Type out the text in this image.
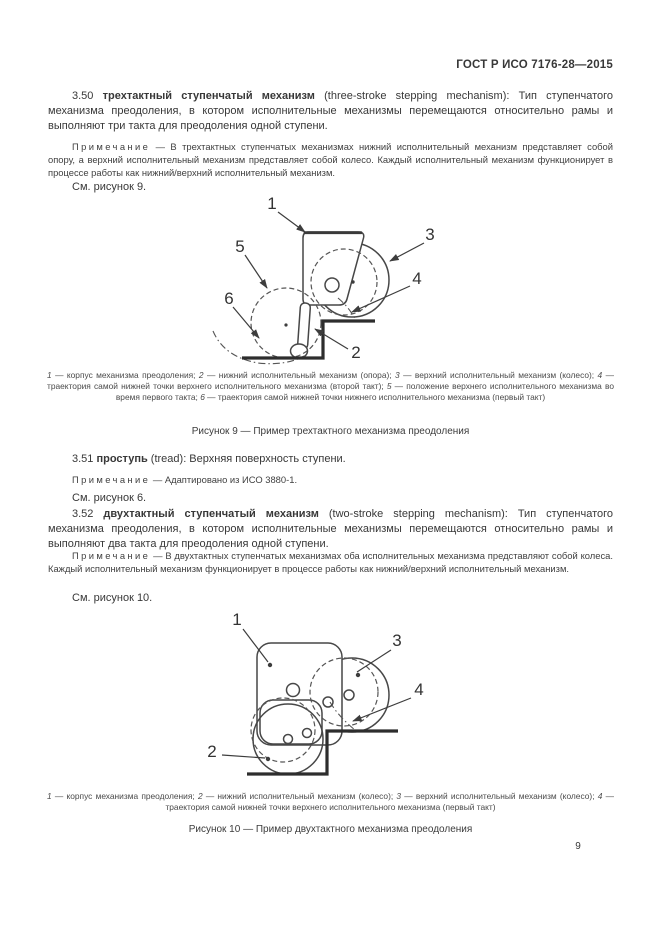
ГОСТ Р ИСО 7176-28—2015

3.50 трехтактный ступенчатый механизм (three-stroke stepping mechanism): Тип ступенчатого механизма преодоления, в котором исполнительные механизмы перемещаются относительно рамы и выполняют три такта для преодоления одной ступени.

Примечание — В трехтактных ступенчатых механизмах нижний исполнительный механизм представляет собой опору, а верхний исполнительный механизм представляет собой колесо. Каждый исполнительный механизм функционирует в процессе работы как нижний/верхний исполнительный механизм.

См. рисунок 9.

1
3
5
4
6
2

1 — корпус механизма преодоления; 2 — нижний исполнительный механизм (опора); 3 — верхний исполнительный механизм (колесо); 4 — траектория самой нижней точки верхнего исполнительного механизма (второй такт); 5 — положение верхнего исполнительного механизма во время первого такта; 6 — траектория самой нижней точки нижнего исполнительного механизма (первый такт)

Рисунок 9 — Пример трехтактного механизма преодоления

3.51 проступь (tread): Верхняя поверхность ступени.

Примечание — Адаптировано из ИСО 3880-1.

См. рисунок 6.

3.52 двухтактный ступенчатый механизм (two-stroke stepping mechanism): Тип ступенчатого механизма преодоления, в котором исполнительные механизмы перемещаются относительно рамы и выполняют два такта для преодоления одной ступени.

Примечание — В двухтактных ступенчатых механизмах оба исполнительных механизма представляют собой колеса. Каждый исполнительный механизм функционирует в процессе работы как нижний/верхний исполнительный механизм.

См. рисунок 10.

1
3
4
2

1 — корпус механизма преодоления; 2 — нижний исполнительный механизм (колесо); 3 — верхний исполнительный механизм (колесо); 4 — траектория самой нижней точки верхнего исполнительного механизма (первый такт)

Рисунок 10 — Пример двухтактного механизма преодоления

9
